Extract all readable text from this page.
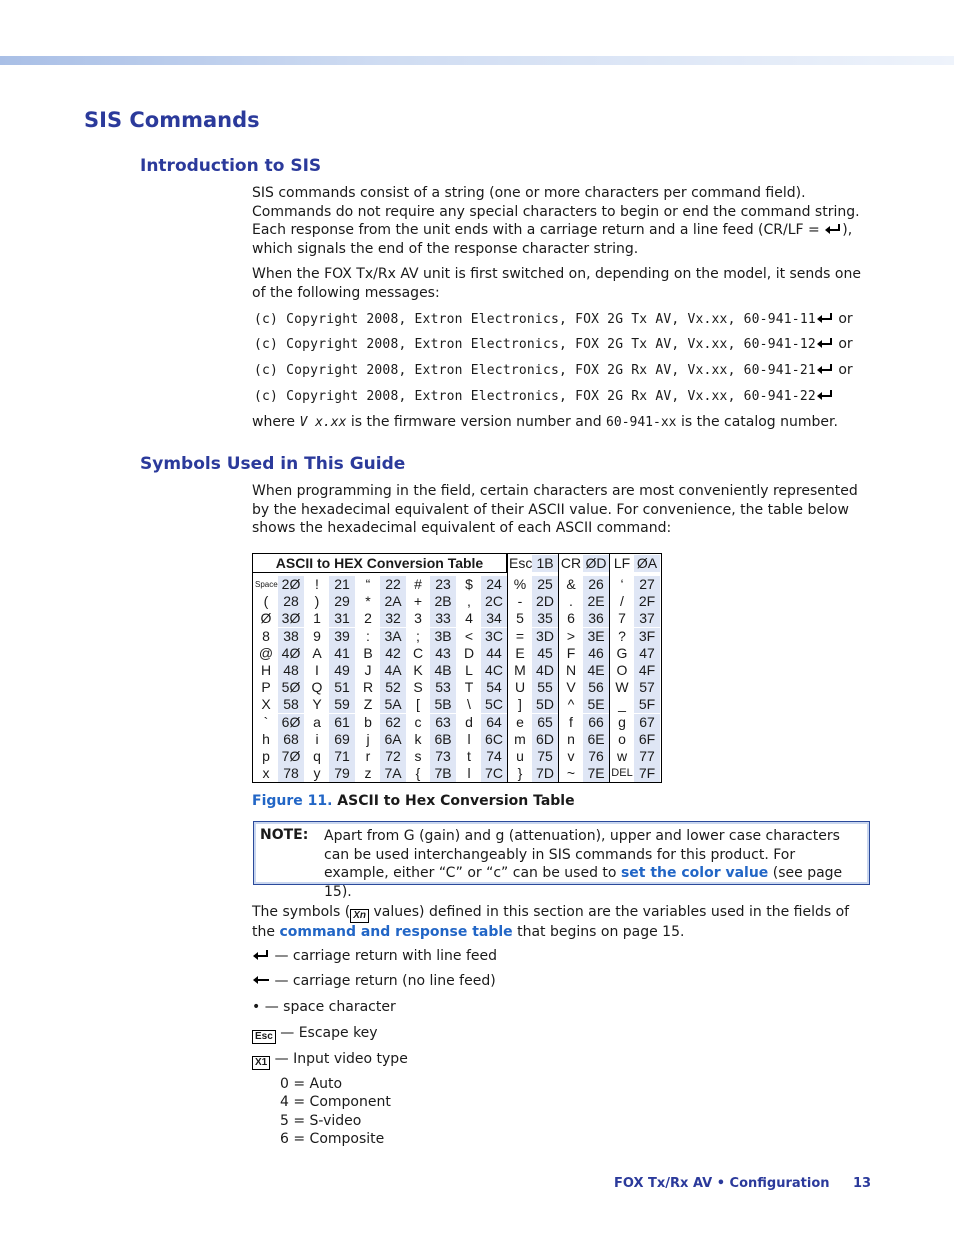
SIS Commands
Introduction to SIS

SIS commands consist of a string (one or more characters per command field). Commands do not require any special characters to begin or end the command string. Each response from the unit ends with a carriage return and a line feed (CR/LF = ), which signals the end of the response character string.

When the FOX Tx/Rx AV unit is first switched on, depending on the model, it sends one of the following messages:

(c) Copyright 2008, Extron Electronics, FOX 2G Tx AV, Vx.xx, 60-941-11 or
(c) Copyright 2008, Extron Electronics, FOX 2G Tx AV, Vx.xx, 60-941-12 or
(c) Copyright 2008, Extron Electronics, FOX 2G Rx AV, Vx.xx, 60-941-21 or
(c) Copyright 2008, Extron Electronics, FOX 2G Rx AV, Vx.xx, 60-941-22

where V x.xx is the firmware version number and 60-941-xx is the catalog number.

Symbols Used in This Guide

When programming in the field, certain characters are most conveniently represented by the hexadecimal equivalent of their ASCII value. For convenience, the table below shows the hexadecimal equivalent of each ASCII command:

ASCII to HEX Conversion Table	Esc 1B CR ØD LF ØA
Space 2Ø	!	21	“	22 # 23	$ 24 % 25 & 26	‘	27
(	28	)	29	* 2A + 2B	,	2C	- 2D	.	2E	/	2F
Ø 3Ø 1 31	2 32 3 33	4 34	5 35	6 36	7 37
8 38	9 39	:	3A	;	3B < 3C = 3D > 3E ? 3F
@ 4Ø A 41 B 42 C 43 D 44 E 45 F 46 G 47
H 48	I	49	J 4A K 4B L 4C M 4D N 4E O 4F
P 5Ø Q 51 R 52 S 53 T 54 U 55 V 56 W 57
X 58 Y 59 Z 5A	[	5B	\	5C	]	5D ^ 5E _ 5F
` 6Ø a 61	b 62 c 63	d 64	e 65	f	66	g 67
h 68	i	69	j	6A k 6B	l	6C m 6D n 6E o 6F
p 7Ø q 71	r	72 s 73	t	74	u 75	v 76 w 77
x 78	y 79	z 7A	{	7B	l	7C	} 7D ~ 7E DEL 7F
Figure 11. ASCII to Hex Conversion Table
NOTE: Apart from G (gain) and g (attenuation), upper and lower case characters can be used interchangeably in SIS commands for this product. For example, either “C” or “c” can be used to set the color value (see page 15).

The symbols ( Xn values) defined in this section are the variables used in the fields of the command and response table that begins on page 15.

— carriage return with line feed
— carriage return (no line feed)
• — space character
Esc — Escape key
X1 — Input video type
0 = Auto
4 = Component
5 = S-video
6 = Composite
FOX Tx/Rx AV • Configuration 13
